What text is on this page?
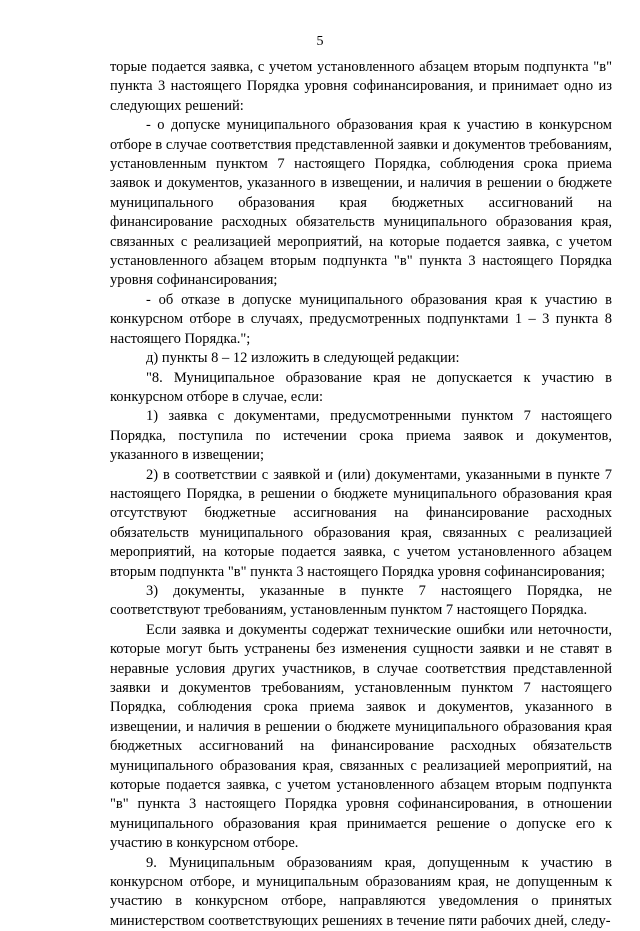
5

торые подается заявка, с учетом установленного абзацем вторым подпункта "в" пункта 3 настоящего Порядка уровня софинансирования, и принимает одно из следующих решений:

- о допуске муниципального образования края к участию в конкурсном отборе в случае соответствия представленной заявки и документов требованиям, установленным пунктом 7 настоящего Порядка, соблюдения срока приема заявок и документов, указанного в извещении, и наличия в решении о бюджете муниципального образования края бюджетных ассигнований на финансирование расходных обязательств муниципального образования края, связанных с реализацией мероприятий, на которые подается заявка, с учетом установленного абзацем вторым подпункта "в" пункта 3 настоящего Порядка уровня софинансирования;

- об отказе в допуске муниципального образования края к участию в конкурсном отборе в случаях, предусмотренных подпунктами 1 – 3 пункта 8 настоящего Порядка.";

д) пункты 8 – 12 изложить в следующей редакции:

"8. Муниципальное образование края не допускается к участию в конкурсном отборе в случае, если:

1) заявка с документами, предусмотренными пунктом 7 настоящего Порядка, поступила по истечении срока приема заявок и документов, указанного в извещении;

2) в соответствии с заявкой и (или) документами, указанными в пункте 7 настоящего Порядка, в решении о бюджете муниципального образования края отсутствуют бюджетные ассигнования на финансирование расходных обязательств муниципального образования края, связанных с реализацией мероприятий, на которые подается заявка, с учетом установленного абзацем вторым подпункта "в" пункта 3 настоящего Порядка уровня софинансирования;

3) документы, указанные в пункте 7 настоящего Порядка, не соответствуют требованиям, установленным пунктом 7 настоящего Порядка.

Если заявка и документы содержат технические ошибки или неточности, которые могут быть устранены без изменения сущности заявки и не ставят в неравные условия других участников, в случае соответствия представленной заявки и документов требованиям, установленным пунктом 7 настоящего Порядка, соблюдения срока приема заявок и документов, указанного в извещении, и наличия в решении о бюджете муниципального образования края бюджетных ассигнований на финансирование расходных обязательств муниципального образования края, связанных с реализацией мероприятий, на которые подается заявка, с учетом установленного абзацем вторым подпункта "в" пункта 3 настоящего Порядка уровня софинансирования, в отношении муниципального образования края принимается решение о допуске его к участию в конкурсном отборе.

9. Муниципальным образованиям края, допущенным к участию в конкурсном отборе, и муниципальным образованиям края, не допущенным к участию в конкурсном отборе, направляются уведомления о принятых министерством соответствующих решениях в течение пяти рабочих дней, следу-
